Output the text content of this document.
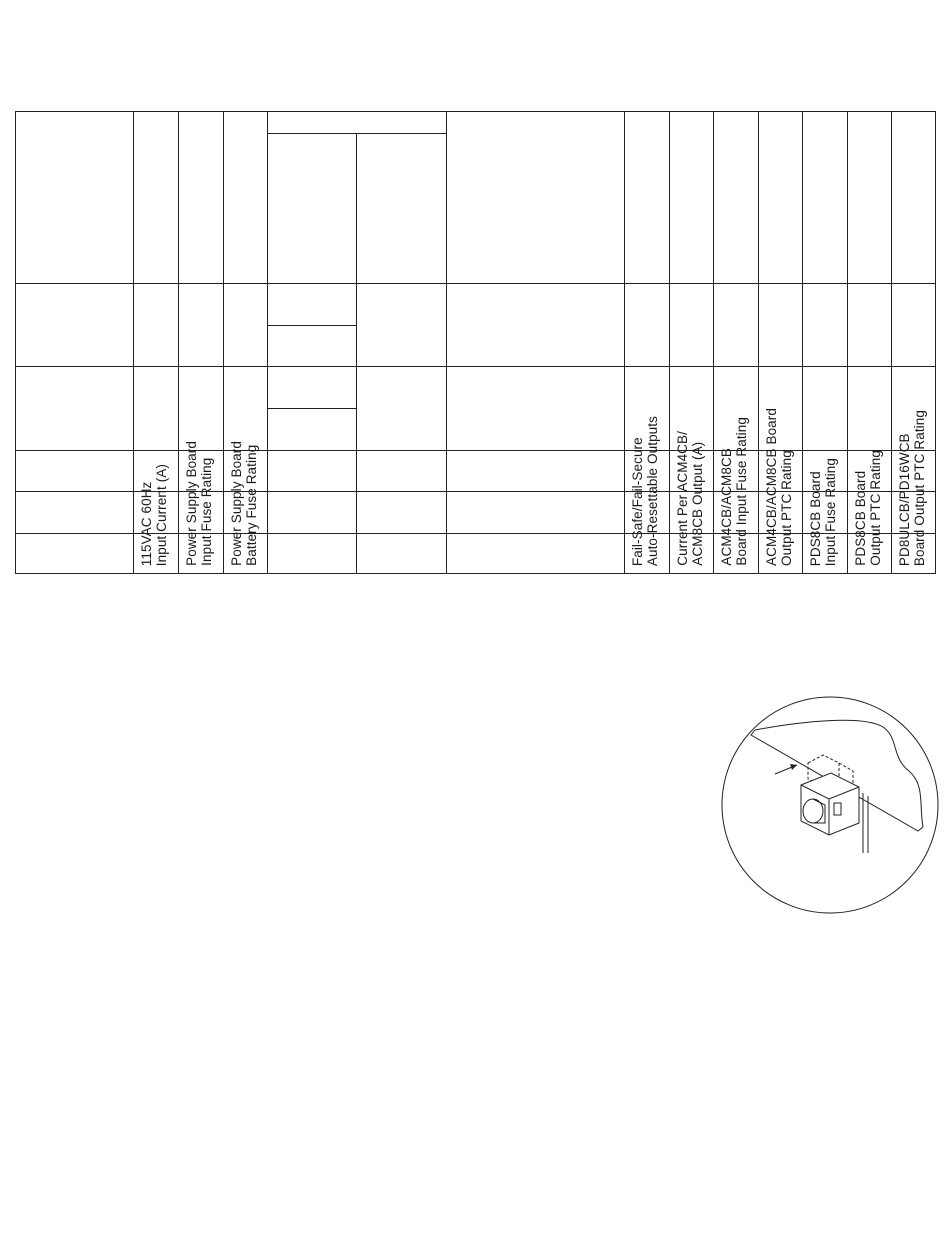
115VAC 60Hz
Input Current (A)
Power Supply Board
Input Fuse Rating
Power Supply Board
Battery Fuse Rating	Fail-Safe/Fail-Secure
Auto-Resettable Outputs
Current Per ACM4CB/
ACM8CB Output (A) ACM4CB/ACM8CB
Board Input Fuse Rating
ACM4CB/ACM8CB Board
Output PTC Rating
PDS8CB Board
Input Fuse Rating
PDS8CB Board
Output PTC Rating PD8ULCB/PD16WCB
Board Output PTC Rating
